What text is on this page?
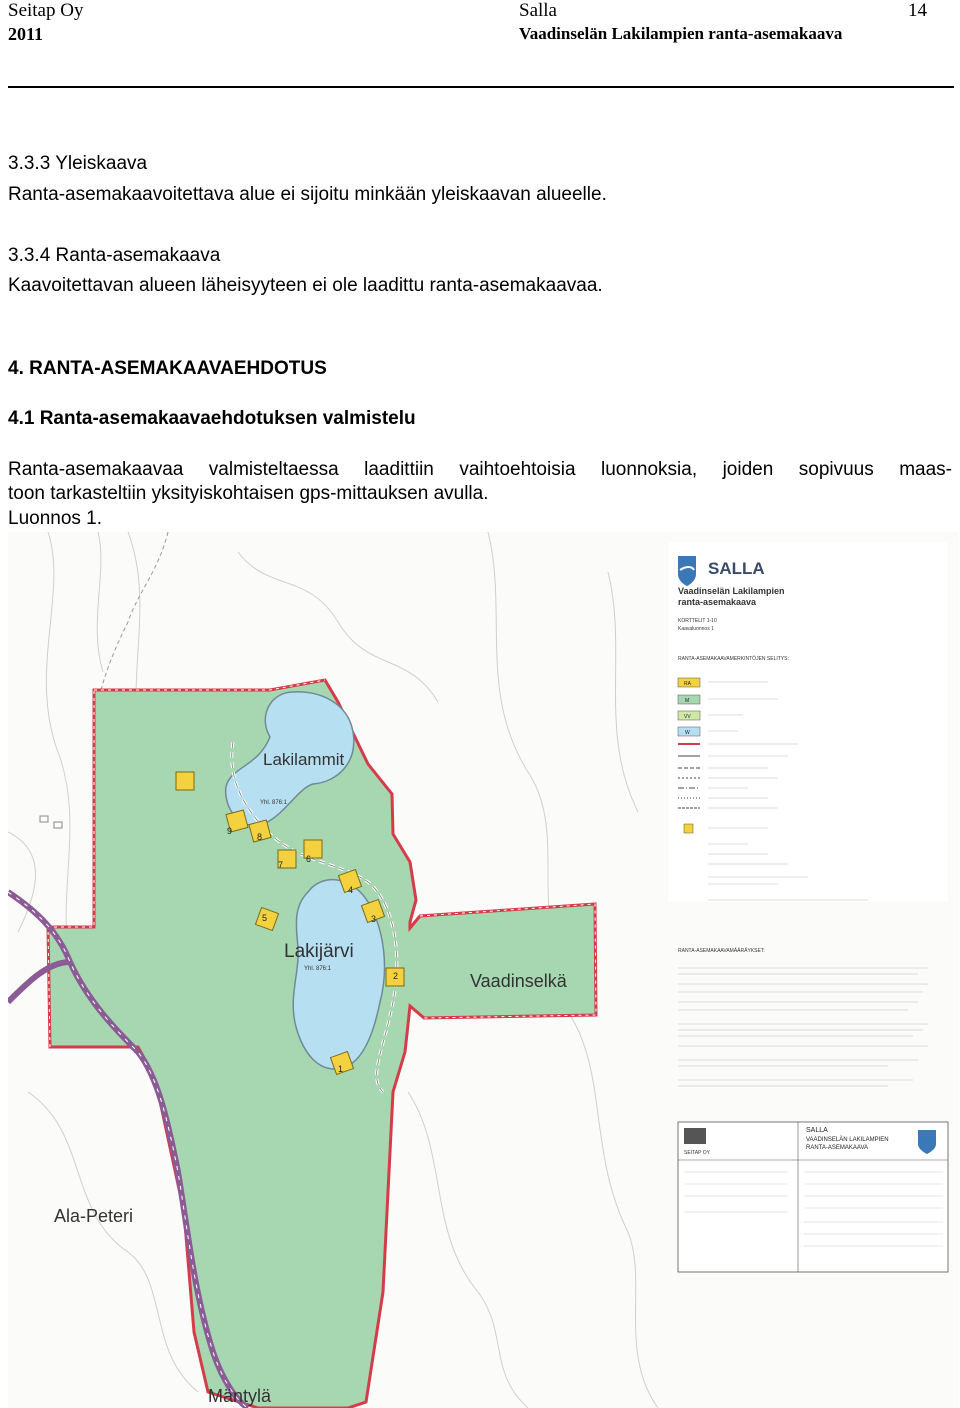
Seitap Oy
2011
Salla
Vaadinselän Lakilampien ranta-asemakaava
14
3.3.3 Yleiskaava
Ranta-asemakaavoitettava alue ei sijoitu minkään yleiskaavan alueelle.
3.3.4 Ranta-asemakaava
Kaavoitettavan alueen läheisyyteen ei ole laadittu ranta-asemakaavaa.
4. RANTA-ASEMAKAAVAEHDOTUS
4.1 Ranta-asemakaavaehdotuksen valmistelu
Ranta-asemakaavaa valmisteltaessa laadittiin vaihtoehtoisia luonnoksia, joiden sopivuus maas-
toon tarkasteltiin yksityiskohtaisen gps-mittauksen avulla.
Luonnos 1.
9
8
7
6
4
3
5
2
1
Lakilammit
Yhl. 876:1
Lakijärvi
Yhl. 876:1
Vaadinselkä
Ala-Peteri
Mäntylä
SALLA
Vaadinselän Lakilampien
ranta-asemakaava
KORTTELIT 1-10
Kaavaluonnos 1
RANTA-ASEMAKAAVAMERKINTÖJEN SELITYS:
RA
M
VV
W
RANTA-ASEMAKAAVAMÄÄRÄYKSET:
SEITAP OY
SALLA
VAADINSELÄN LAKILAMPIEN
RANTA-ASEMAKAAVA
